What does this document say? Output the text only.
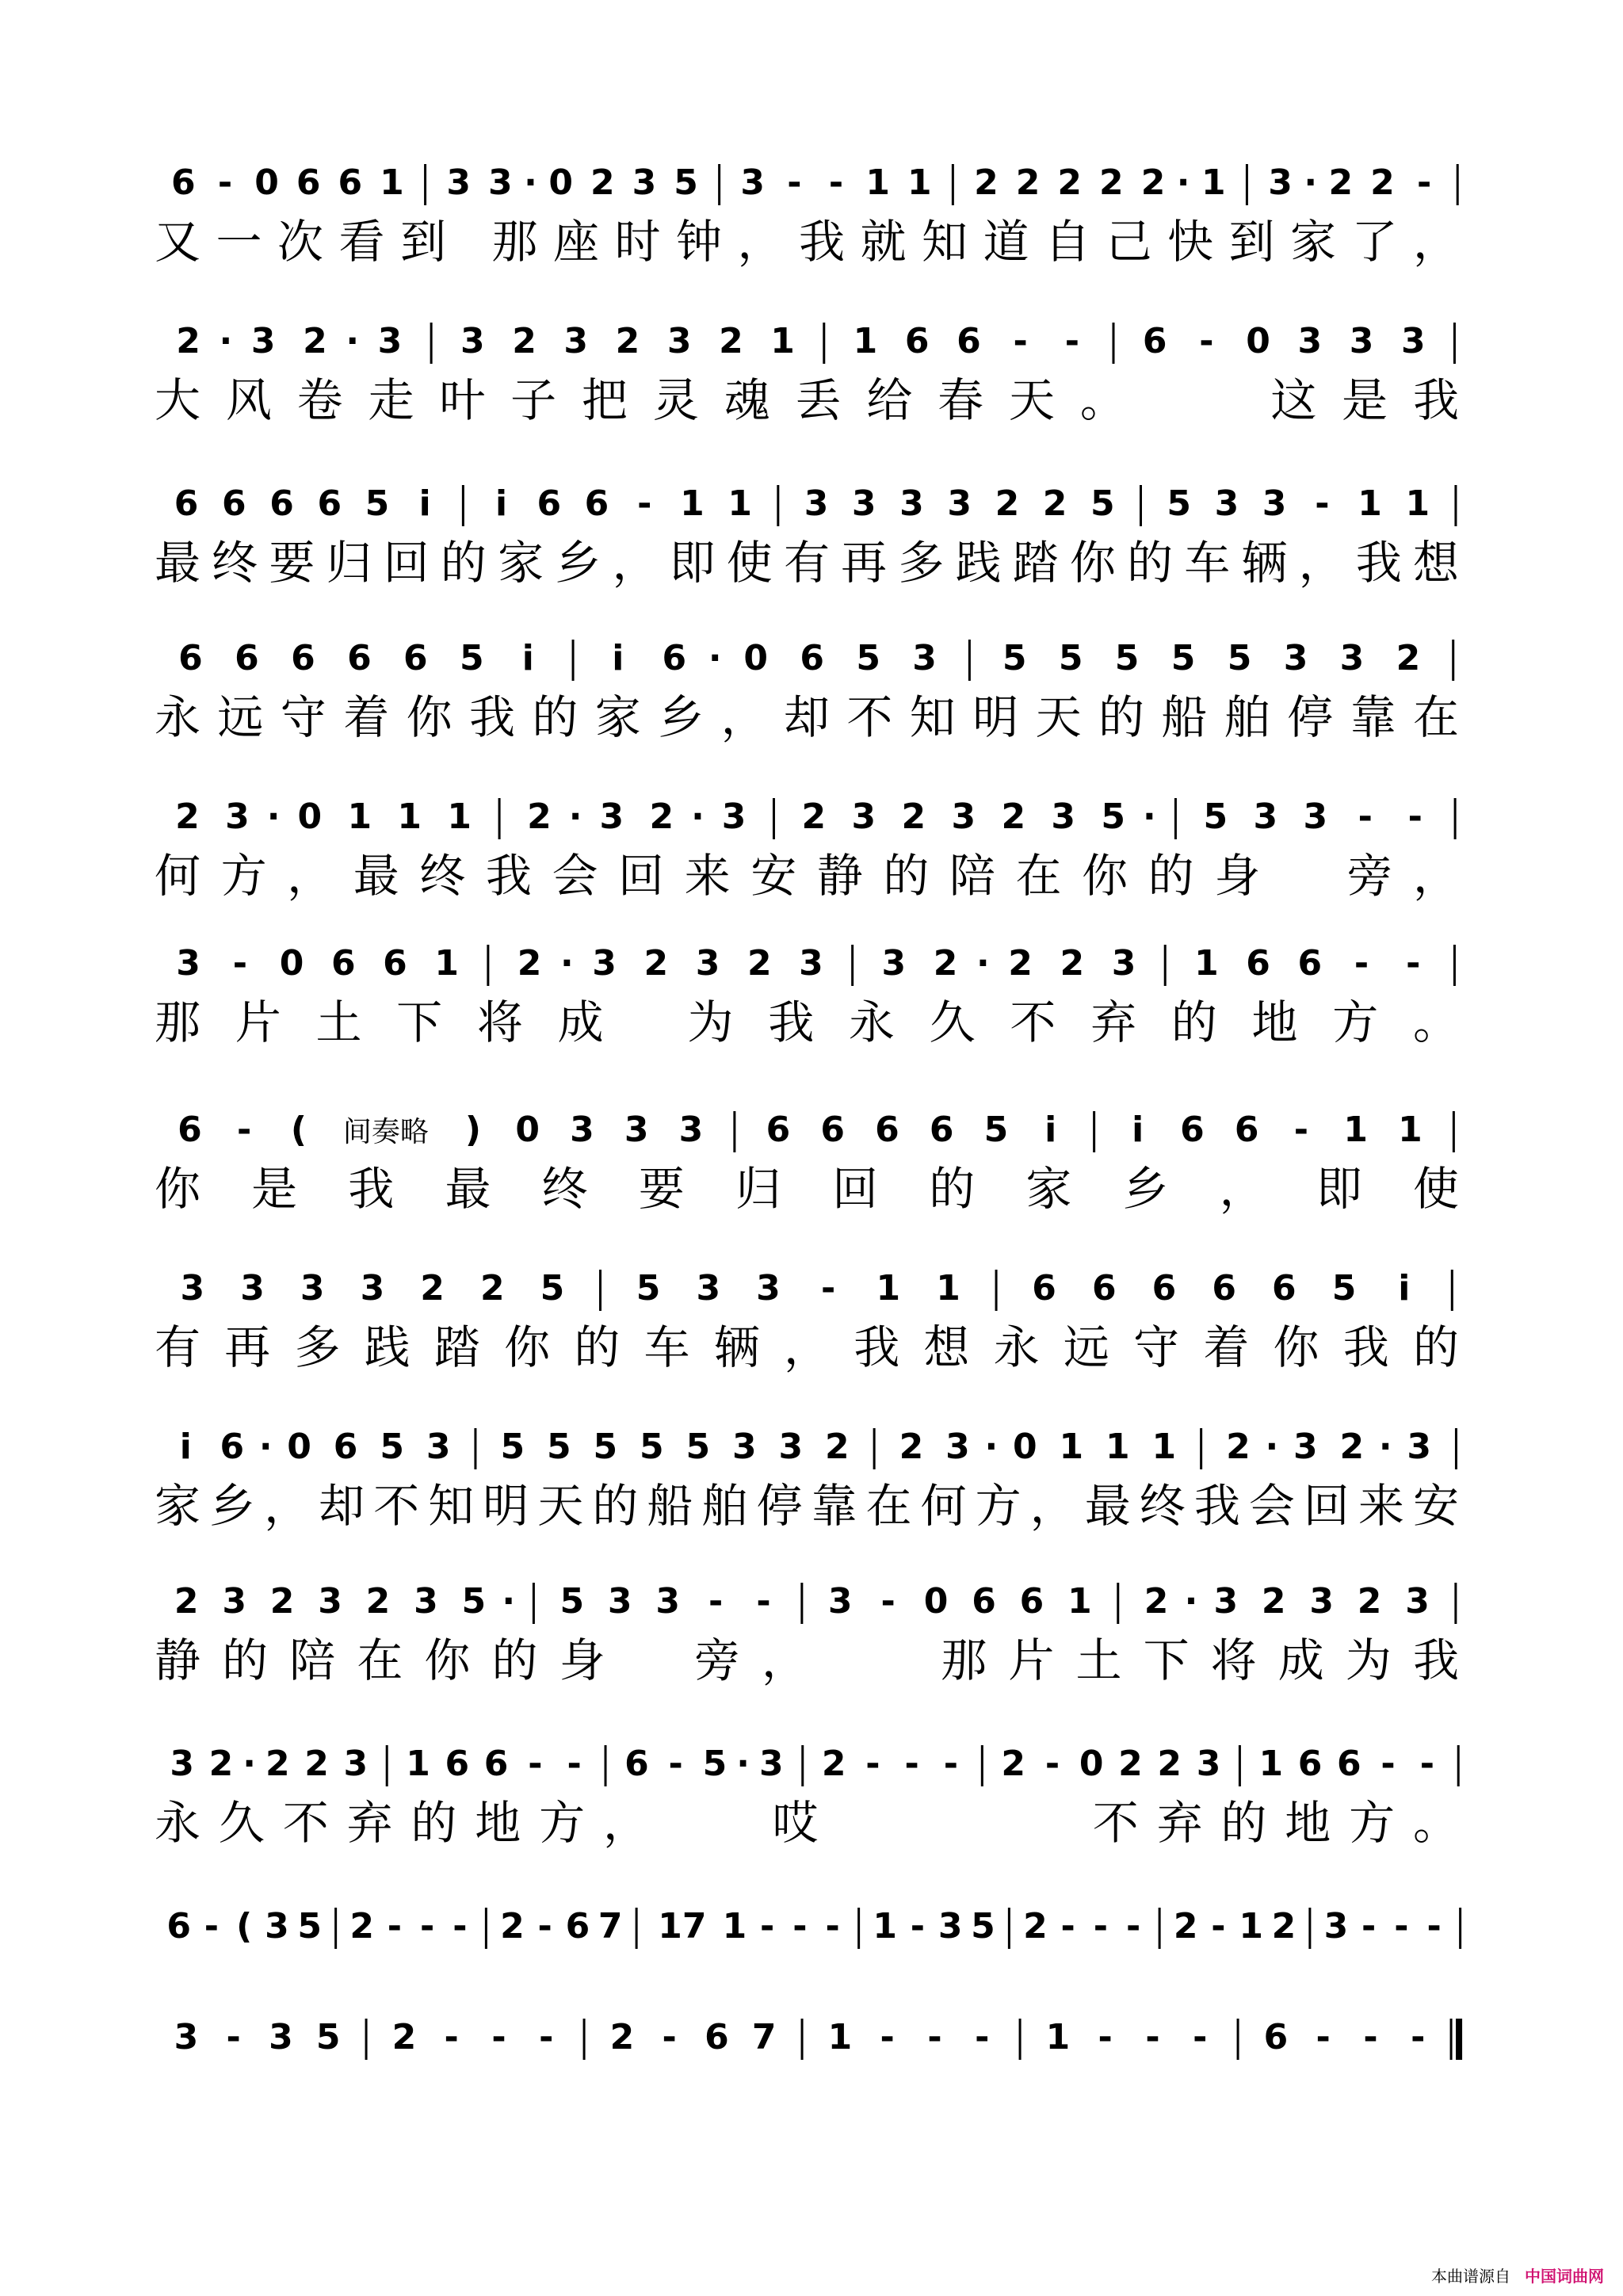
6 - 0 6 6 1 3 3 · 0 2 3 5 3 - - 1 1 2 2 2 2 2 · 1 3 · 2 2 -
又一次看到 那座时钟，我就知道自己快到家了，
2 · 3 2 · 3 3 2 3 2 3 2 1 1 6 6 - - 6 - 0 3 3 3
大风卷走叶子把灵魂丢给春天。　　这是我
6 6 6 6 5 i i 6 6 - 1 1 3 3 3 3 2 2 5 5 3 3 - 1 1
最终要归回的家乡，即使有再多践踏你的车辆，我想
6 6 6 6 6 5 i i 6 · 0 6 5 3 5 5 5 5 5 3 3 2
永远守着你我的家乡，却不知明天的船舶停靠在
2 3 · 0 1 1 1 2 · 3 2 · 3 2 3 2 3 2 3 5 · 5 3 3 - -
何方，最终我会回来安静的陪在你的身　旁，
3 - 0 6 6 1 2 · 3 2 3 2 3 3 2 · 2 2 3 1 6 6 - -
那片土下将成 为我永久不弃的地方。
6 - ( 间奏略 ) 0 3 3 3 6 6 6 6 5 i i 6 6 - 1 1
你是我最终要归回的家乡，即使
3 3 3 3 2 2 5 5 3 3 - 1 1 6 6 6 6 6 5 i
有再多践踏你的车辆，我想永远守着你我的
i 6 · 0 6 5 3 5 5 5 5 5 3 3 2 2 3 · 0 1 1 1 2 · 3 2 · 3
家乡，却不知明天的船舶停靠在何方，最终我会回来安
2 3 2 3 2 3 5 · 5 3 3 - - 3 - 0 6 6 1 2 · 3 2 3 2 3
静的陪在你的身　旁，　　那片土下将成为我
3 2 · 2 2 3 1 6 6 - - 6 - 5 · 3 2 - - - 2 - 0 2 2 3 1 6 6 - -
永久不弃的地方，　　哎　　　　不弃的地方。
6 - ( 3 5 2 - - - 2 - 6 7 17 1 - - - 1 - 3 5 2 - - - 2 - 1 2 3 - - -
3 - 3 5 2 - - - 2 - 6 7 1 - - - 1 - - - 6 - - -
本曲谱源自 中国词曲网
